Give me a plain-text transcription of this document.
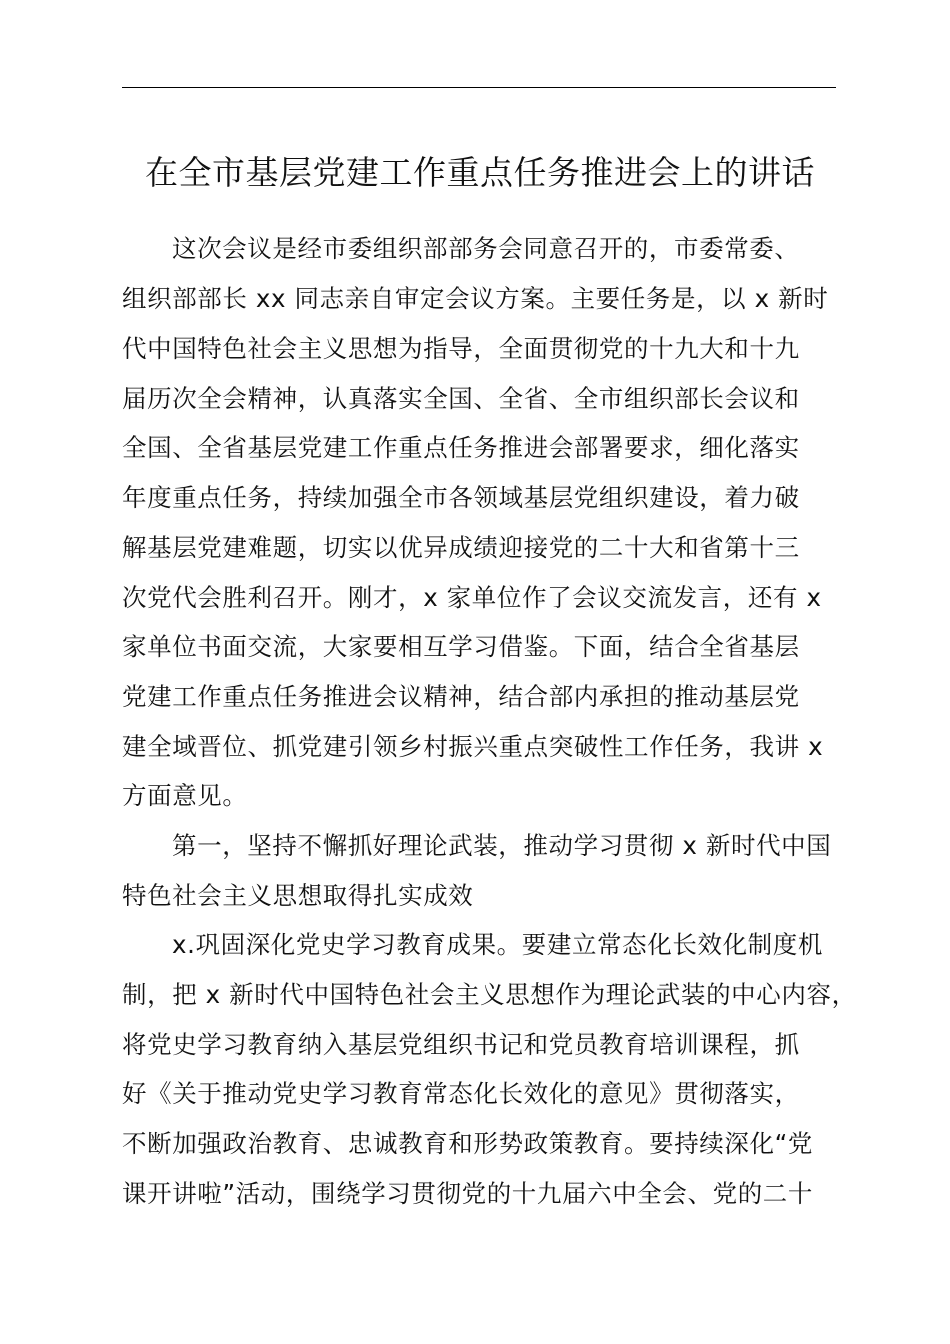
在全市基层党建工作重点任务推进会上的讲话
这次会议是经市委组织部部务会同意召开的，市委常委、
组织部部长 xx 同志亲自审定会议方案。主要任务是，以 x 新时
代中国特色社会主义思想为指导，全面贯彻党的十九大和十九
届历次全会精神，认真落实全国、全省、全市组织部长会议和
全国、全省基层党建工作重点任务推进会部署要求，细化落实
年度重点任务，持续加强全市各领域基层党组织建设，着力破
解基层党建难题，切实以优异成绩迎接党的二十大和省第十三
次党代会胜利召开。刚才，x 家单位作了会议交流发言，还有 x
家单位书面交流，大家要相互学习借鉴。下面，结合全省基层
党建工作重点任务推进会议精神，结合部内承担的推动基层党
建全域晋位、抓党建引领乡村振兴重点突破性工作任务，我讲 x
方面意见。
第一，坚持不懈抓好理论武装，推动学习贯彻 x 新时代中国
特色社会主义思想取得扎实成效
x.巩固深化党史学习教育成果。要建立常态化长效化制度机
制，把 x 新时代中国特色社会主义思想作为理论武装的中心内容，
将党史学习教育纳入基层党组织书记和党员教育培训课程，抓
好《关于推动党史学习教育常态化长效化的意见》贯彻落实，
不断加强政治教育、忠诚教育和形势政策教育。要持续深化“党
课开讲啦”活动，围绕学习贯彻党的十九届六中全会、党的二十
